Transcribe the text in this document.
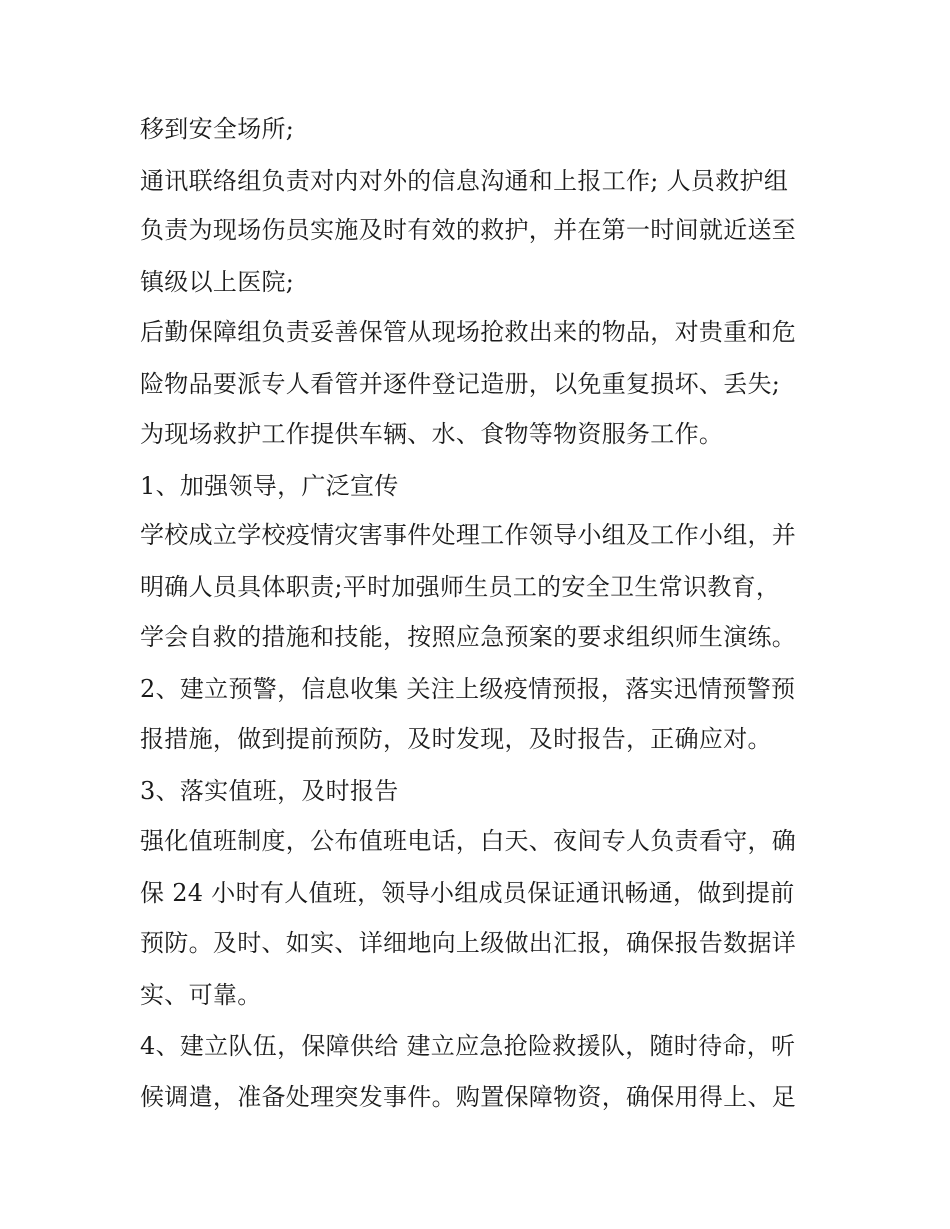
移到安全场所;
通讯联络组负责对内对外的信息沟通和上报工作; 人员救护组
负责为现场伤员实施及时有效的救护，并在第一时间就近送至
镇级以上医院;
后勤保障组负责妥善保管从现场抢救出来的物品，对贵重和危
险物品要派专人看管并逐件登记造册，以免重复损坏、丢失;
为现场救护工作提供车辆、水、食物等物资服务工作。
1、加强领导，广泛宣传
学校成立学校疫情灾害事件处理工作领导小组及工作小组，并
明确人员具体职责;平时加强师生员工的安全卫生常识教育，
学会自救的措施和技能，按照应急预案的要求组织师生演练。
2、建立预警，信息收集 关注上级疫情预报，落实迅情预警预
报措施，做到提前预防，及时发现，及时报告，正确应对。
3、落实值班，及时报告
强化值班制度，公布值班电话，白天、夜间专人负责看守，确
保 24 小时有人值班，领导小组成员保证通讯畅通，做到提前
预防。及时、如实、详细地向上级做出汇报，确保报告数据详
实、可靠。
4、建立队伍，保障供给 建立应急抢险救援队，随时待命，听
候调遣，准备处理突发事件。购置保障物资，确保用得上、足
